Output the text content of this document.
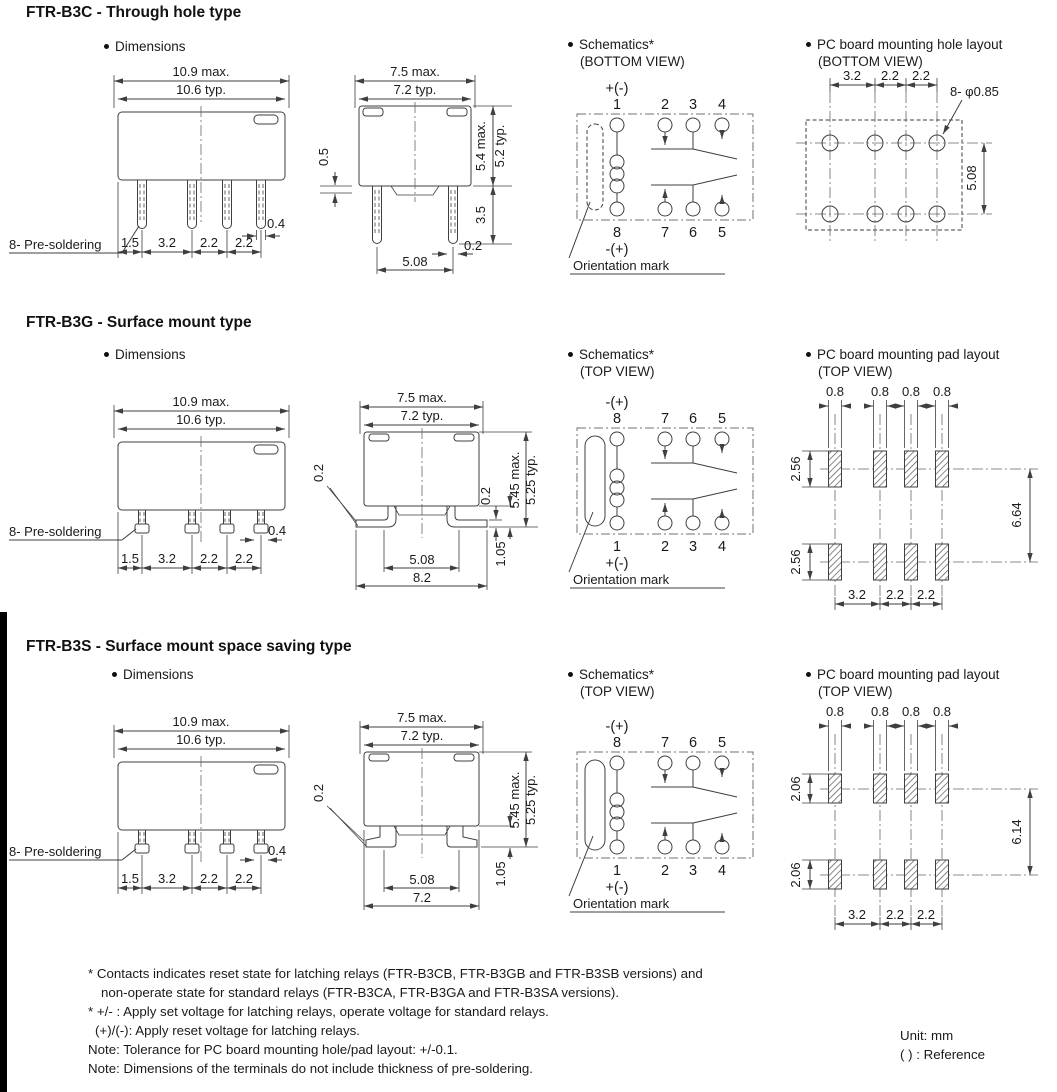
FTR-B3C - Through hole type
Dimensions	Schematics*
(BOTTOM VIEW)
PC board mounting hole layout
(BOTTOM VIEW)
10.9 max.
10.6 typ.
1.5 3.2 2.2 2.2
0.4
8- Pre-soldering
7.5 max.
7.2 typ.
0.5	5.4 max. 5.2 typ.
3.5
0.2
5.08
+(-)
1	2 3 4
8	7 6 5
-(+)
Orientation mark
3.2 2.2 2.2
8- φ0.85
5.08
FTR-B3G - Surface mount type
Dimensions	Schematics*
(TOP VIEW)
PC board mounting pad layout
(TOP VIEW)
10.9 max.
10.6 typ.
1.5 3.2 2.2 2.2
0.4
8- Pre-soldering
7.5 max.
7.2 typ.
0.2
0.2
1.05
5.45 max. 5.25 typ.
5.08
8.2
-(+)
8	7 6 5
1	2 3 4
+(-)
Orientation mark
0.8 0.8 0.8 0.8
2.56
2.56
6.64
3.2 2.2 2.2
FTR-B3S - Surface mount space saving type
Dimensions	Schematics*
(TOP VIEW)
PC board mounting pad layout
(TOP VIEW)
10.9 max.
10.6 typ.
1.5 3.2 2.2 2.2
0.4
8- Pre-soldering
7.5 max.
7.2 typ.
0.2
1.05
5.45 max. 5.25 typ.
5.08
7.2
-(+)
8	7 6 5
1	2 3 4
+(-)
Orientation mark
0.8 0.8 0.8 0.8
2.06
2.06
6.14
3.2 2.2 2.2
* Contacts indicates reset state for latching relays (FTR-B3CB, FTR-B3GB and FTR-B3SB versions) and
non-operate state for standard relays (FTR-B3CA, FTR-B3GA and FTR-B3SA versions).
* +/- : Apply set voltage for latching relays, operate voltage for standard relays.
(+)/(-): Apply reset voltage for latching relays.
Note: Tolerance for PC board mounting hole/pad layout: +/-0.1.
Note: Dimensions of the terminals do not include thickness of pre-soldering.
Unit: mm
( ) : Reference
